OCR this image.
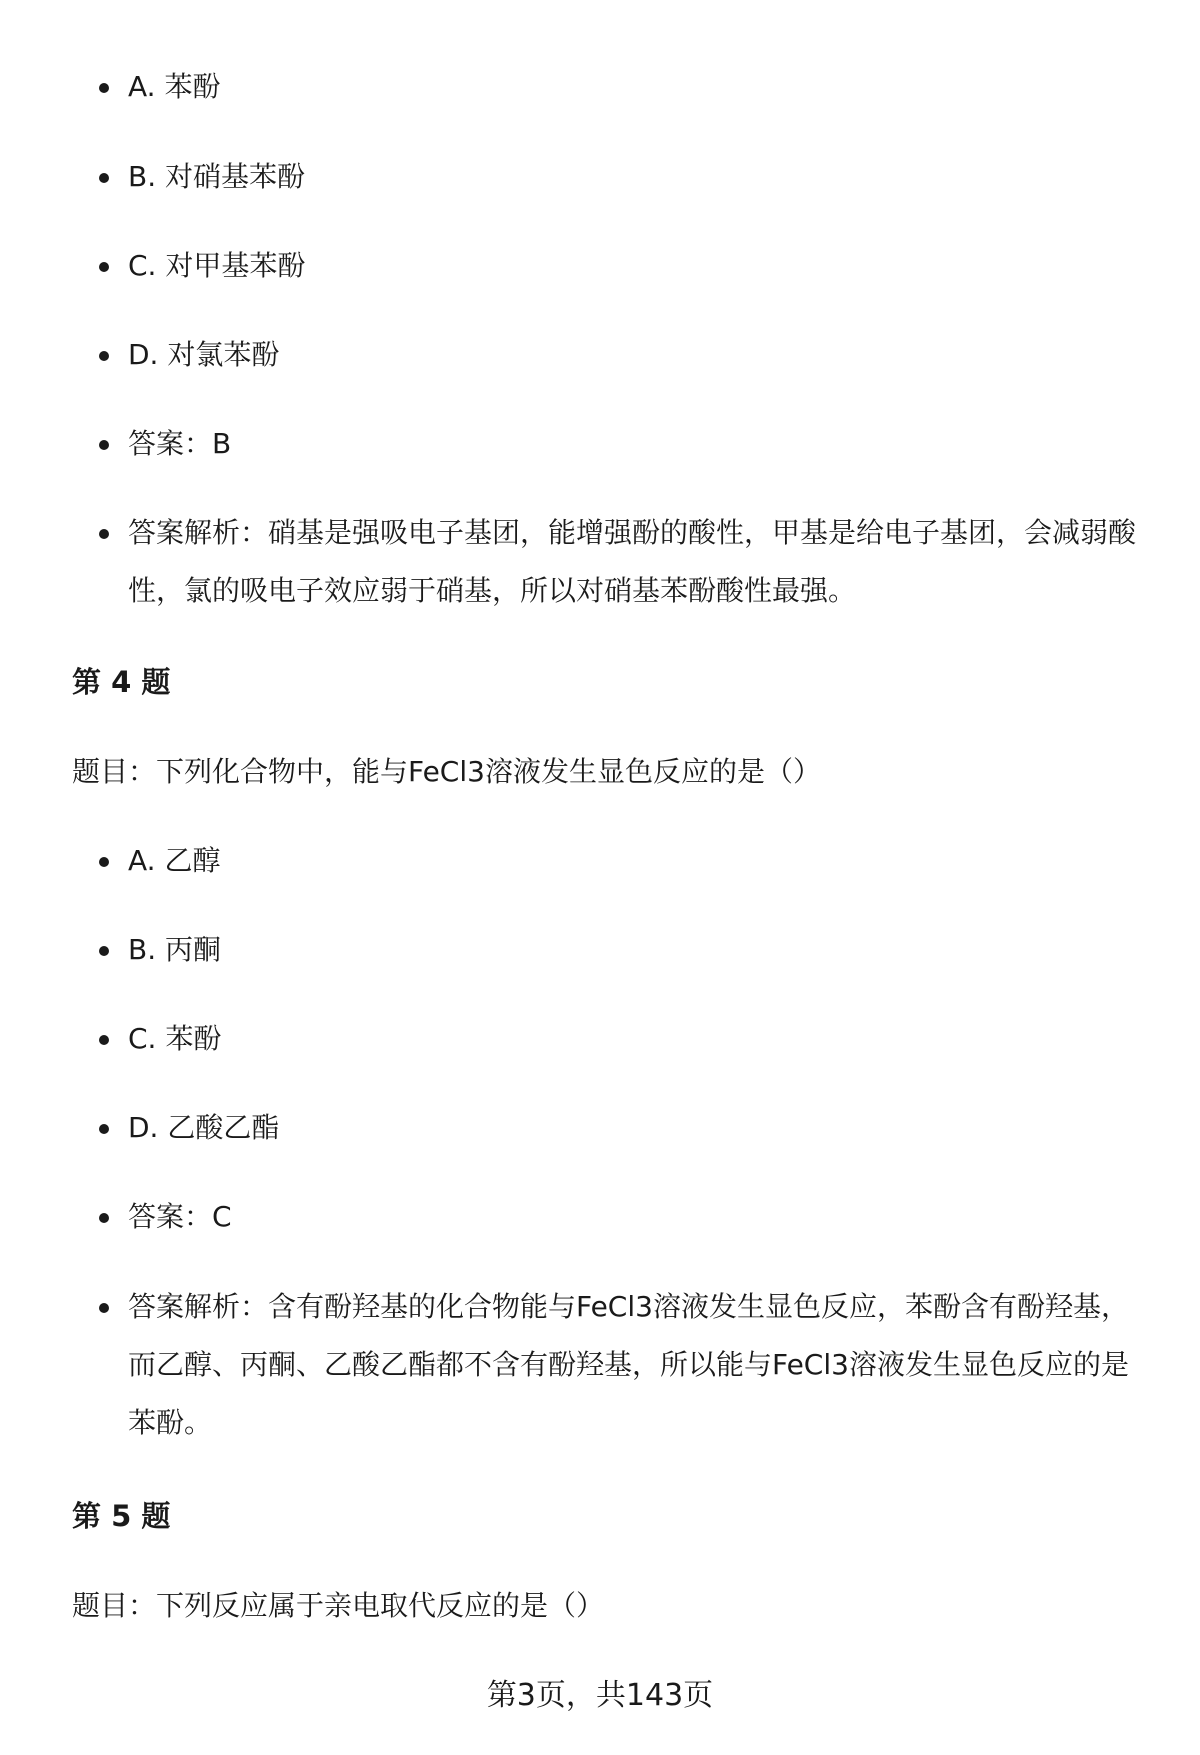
A. 苯酚
B. 对硝基苯酚
C. 对甲基苯酚
D. 对氯苯酚
答案：B
答案解析：硝基是强吸电子基团，能增强酚的酸性，甲基是给电子基团，会减弱酸性，氯的吸电子效应弱于硝基，所以对硝基苯酚酸性最强。
第 4 题
题目：下列化合物中，能与FeCl3溶液发生显色反应的是（）
A. 乙醇
B. 丙酮
C. 苯酚
D. 乙酸乙酯
答案：C
答案解析：含有酚羟基的化合物能与FeCl3溶液发生显色反应，苯酚含有酚羟基，而乙醇、丙酮、乙酸乙酯都不含有酚羟基，所以能与FeCl3溶液发生显色反应的是苯酚。
第 5 题
题目：下列反应属于亲电取代反应的是（）
第3页，共143页
